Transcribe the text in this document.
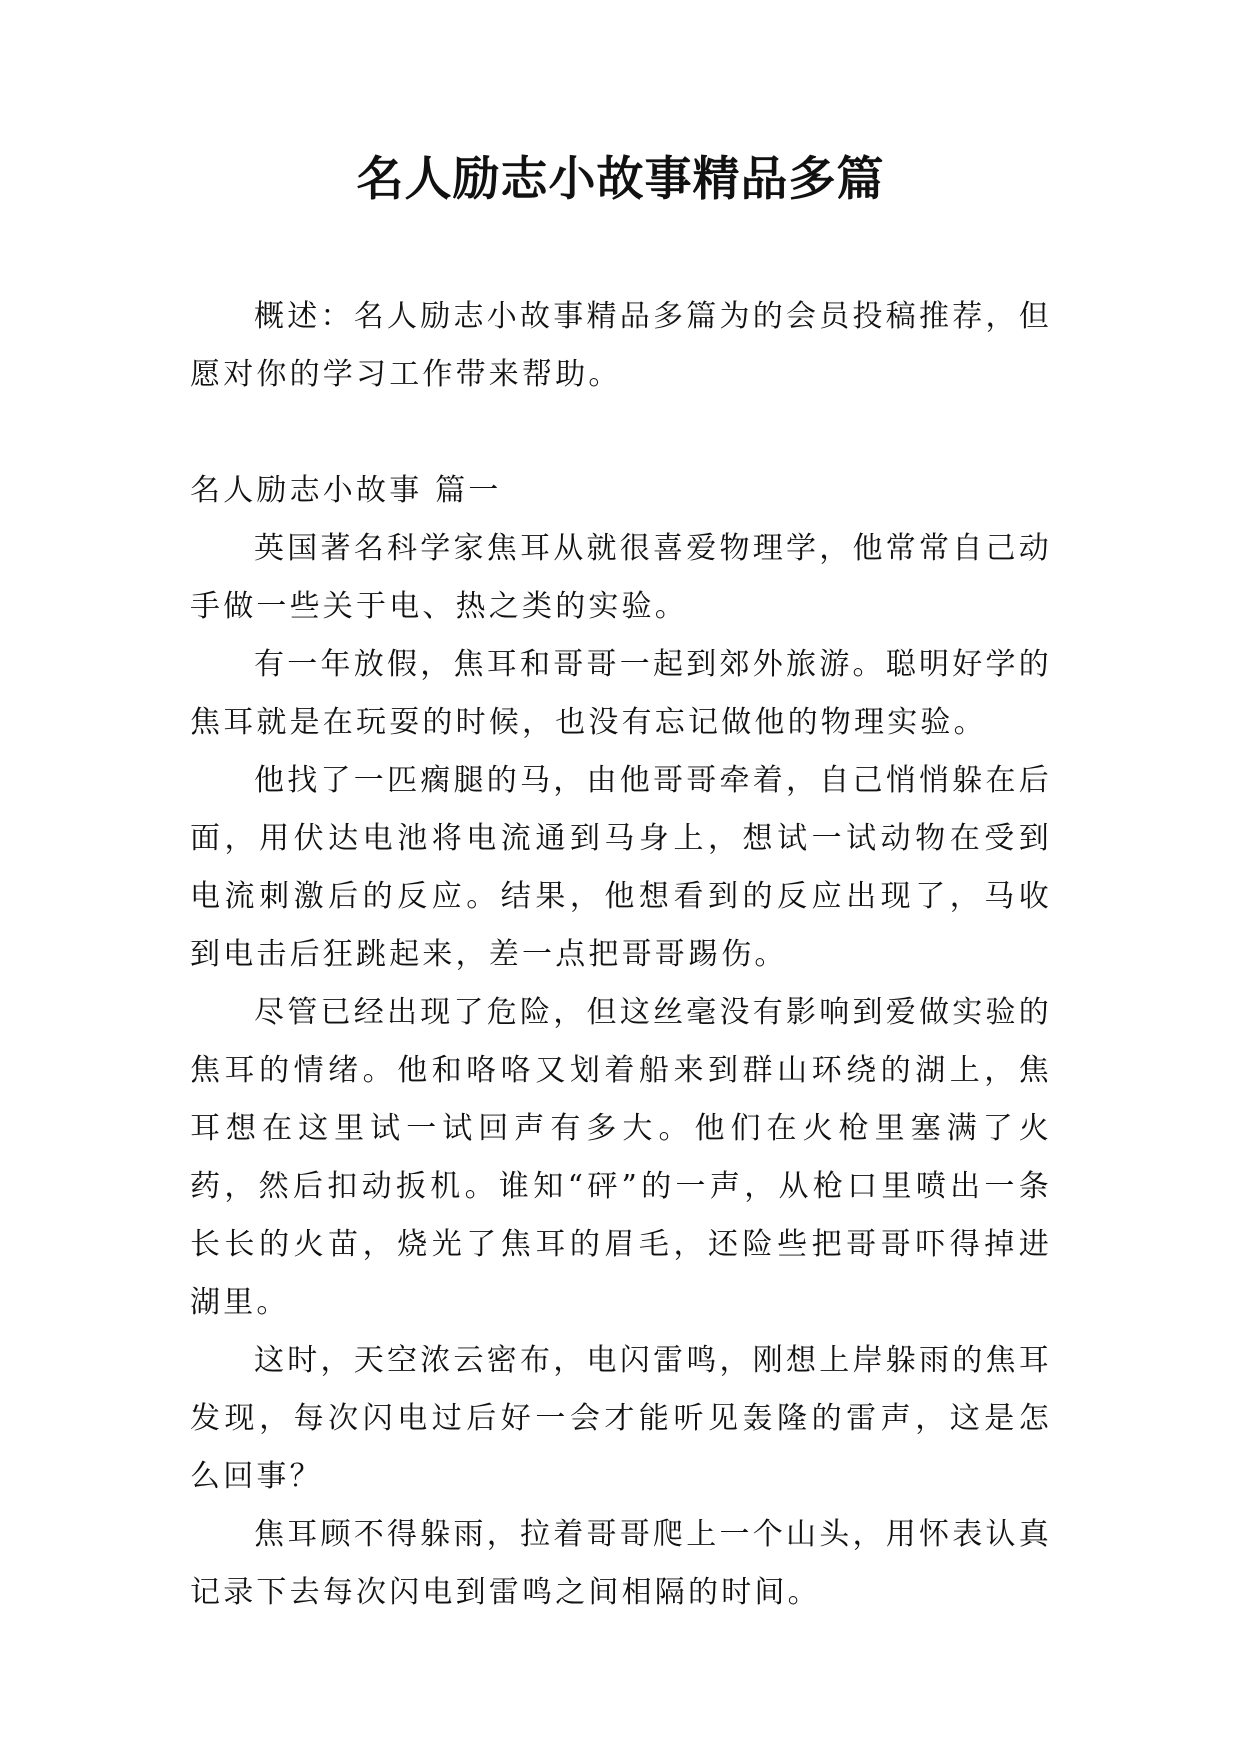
名人励志小故事精品多篇

概述：名人励志小故事精品多篇为的会员投稿推荐，但愿对你的学习工作带来帮助。

名人励志小故事 篇一

英国著名科学家焦耳从就很喜爱物理学，他常常自己动手做一些关于电、热之类的实验。

有一年放假，焦耳和哥哥一起到郊外旅游。聪明好学的焦耳就是在玩耍的时候，也没有忘记做他的物理实验。

他找了一匹瘸腿的马，由他哥哥牵着，自己悄悄躲在后面，用伏达电池将电流通到马身上，想试一试动物在受到电流刺激后的反应。结果，他想看到的反应出现了，马收到电击后狂跳起来，差一点把哥哥踢伤。

尽管已经出现了危险，但这丝毫没有影响到爱做实验的焦耳的情绪。他和咯咯又划着船来到群山环绕的湖上，焦耳想在这里试一试回声有多大。他们在火枪里塞满了火药，然后扣动扳机。谁知“砰”的一声，从枪口里喷出一条长长的火苗，烧光了焦耳的眉毛，还险些把哥哥吓得掉进湖里。

这时，天空浓云密布，电闪雷鸣，刚想上岸躲雨的焦耳发现，每次闪电过后好一会才能听见轰隆的雷声，这是怎么回事？

焦耳顾不得躲雨，拉着哥哥爬上一个山头，用怀表认真记录下去每次闪电到雷鸣之间相隔的时间。
